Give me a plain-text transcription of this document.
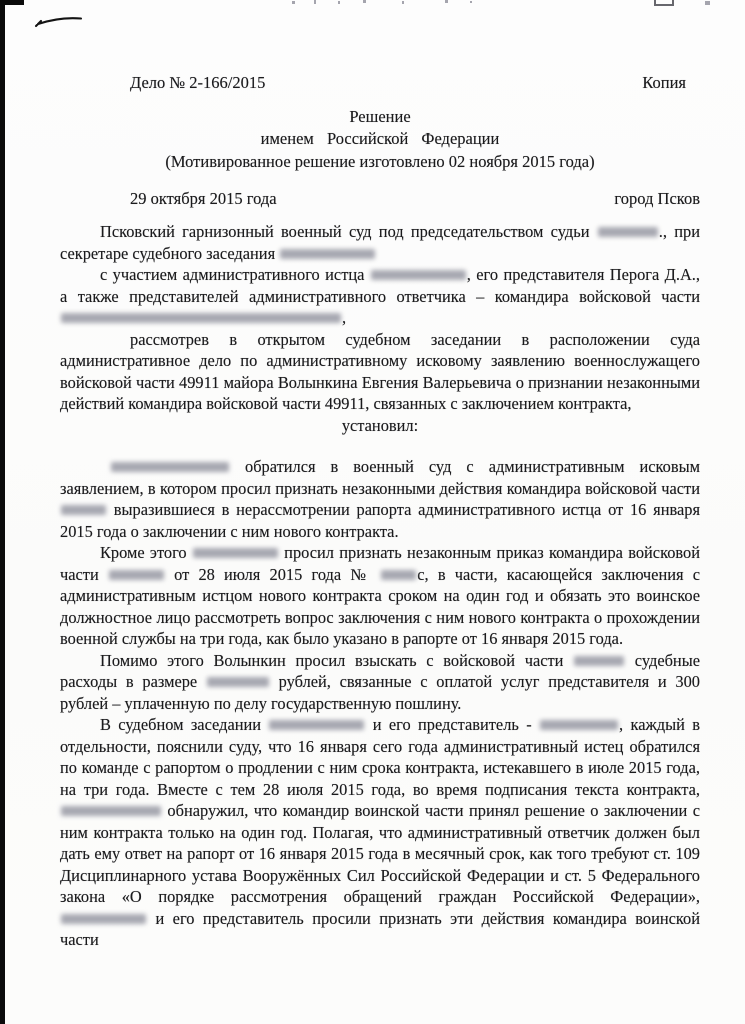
Дело № 2-166/2015	Копия
Решение
именем Российской Федерации
(Мотивированное решение изготовлено 02 ноября 2015 года)
29 октября 2015 года	город Псков

Псковский гарнизонный военный суд под председательством судьи	., при секретаре судебного заседания

с участием административного истца	, его представителя Перога Д.А., а также представителей административного ответчика – командира войсковой части ,

рассмотрев в открытом судебном заседании в расположении суда административное дело по административному исковому заявлению военнослужащего войсковой части 49911 майора Волынкина Евгения Валерьевича о признании незаконными действий командира войсковой части 49911, связанных с заключением контракта,

установил:

обратился в военный суд с административным исковым заявлением, в котором просил признать незаконными действия командира войсковой части  выразившиеся в нерассмотрении рапорта административного истца от 16 января 2015 года о заключении с ним нового контракта.

Кроме этого	просил признать незаконным приказ командира войсковой части	от 28 июля 2015 года № с, в части, касающейся заключения с административным истцом нового контракта сроком на один год и обязать это воинское должностное лицо рассмотреть вопрос заключения с ним нового контракта о прохождении военной службы на три года, как было указано в рапорте от 16 января 2015 года.

Помимо этого Волынкин просил взыскать с войсковой части	судебные расходы в размере	рублей, связанные с оплатой услуг представителя и 300 рублей – уплаченную по делу государственную пошлину.

В судебном заседании	и его представитель -	, каждый в отдельности, пояснили суду, что 16 января сего года административный истец обратился по команде с рапортом о продлении с ним срока контракта, истекавшего в июле 2015 года, на три года. Вместе с тем 28 июля 2015 года, во время подписания текста контракта,  обнаружил, что командир воинской части принял решение о заключении с ним контракта только на один год. Полагая, что административный ответчик должен был дать ему ответ на рапорт от 16 января 2015 года в месячный срок, как того требуют ст. 109 Дисциплинарного устава Вооружённых Сил Российской Федерации и ст. 5 Федерального закона «О порядке рассмотрения обращений граждан Российской Федерации»,  и его представитель просили признать эти действия командира воинской части
